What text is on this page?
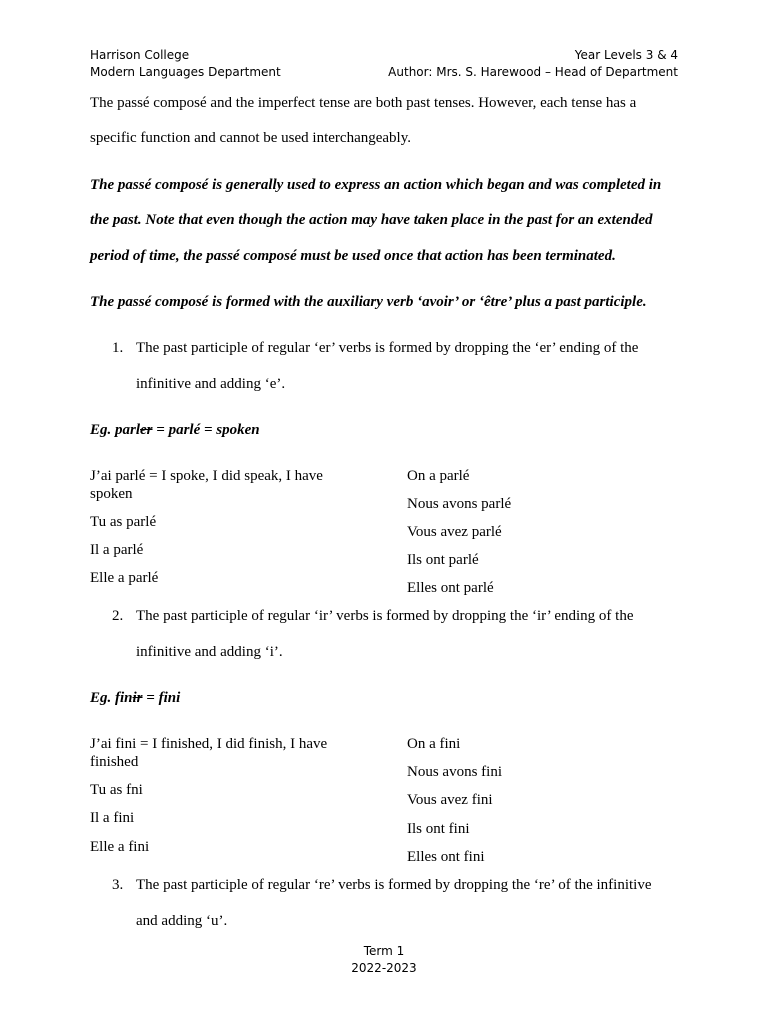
Harrison College
Modern Languages Department
Year Levels 3 & 4
Author: Mrs. S. Harewood – Head of Department
The passé composé and the imperfect tense are both past tenses. However, each tense has a
specific function and cannot be used interchangeably.
The passé composé is generally used to express an action which began and was completed in
the past. Note that even though the action may have taken place in the past for an extended
period of time, the passé composé must be used once that action has been terminated.
The passé composé is formed with the auxiliary verb ‘avoir’ or ‘être’ plus a past participle.
1. The past participle of regular ‘er’ verbs is formed by dropping the ‘er’ ending of the
infinitive and adding ‘e’.
Eg. parler = parlé = spoken
J’ai parlé = I spoke, I did speak, I have
spoken
Tu as parlé
Il a parlé
Elle a parlé
On a parlé
Nous avons parlé
Vous avez parlé
Ils ont parlé
Elles ont parlé
2. The past participle of regular ‘ir’ verbs is formed by dropping the ‘ir’ ending of the
infinitive and adding ‘i’.
Eg. finir = fini
J’ai fini = I finished, I did finish, I have
finished
Tu as fni
Il a fini
Elle a fini
On a fini
Nous avons fini
Vous avez fini
Ils ont fini
Elles ont fini
3. The past participle of regular ‘re’ verbs is formed by dropping the ‘re’ of the infinitive
and adding ‘u’.
Term 1
2022-2023
